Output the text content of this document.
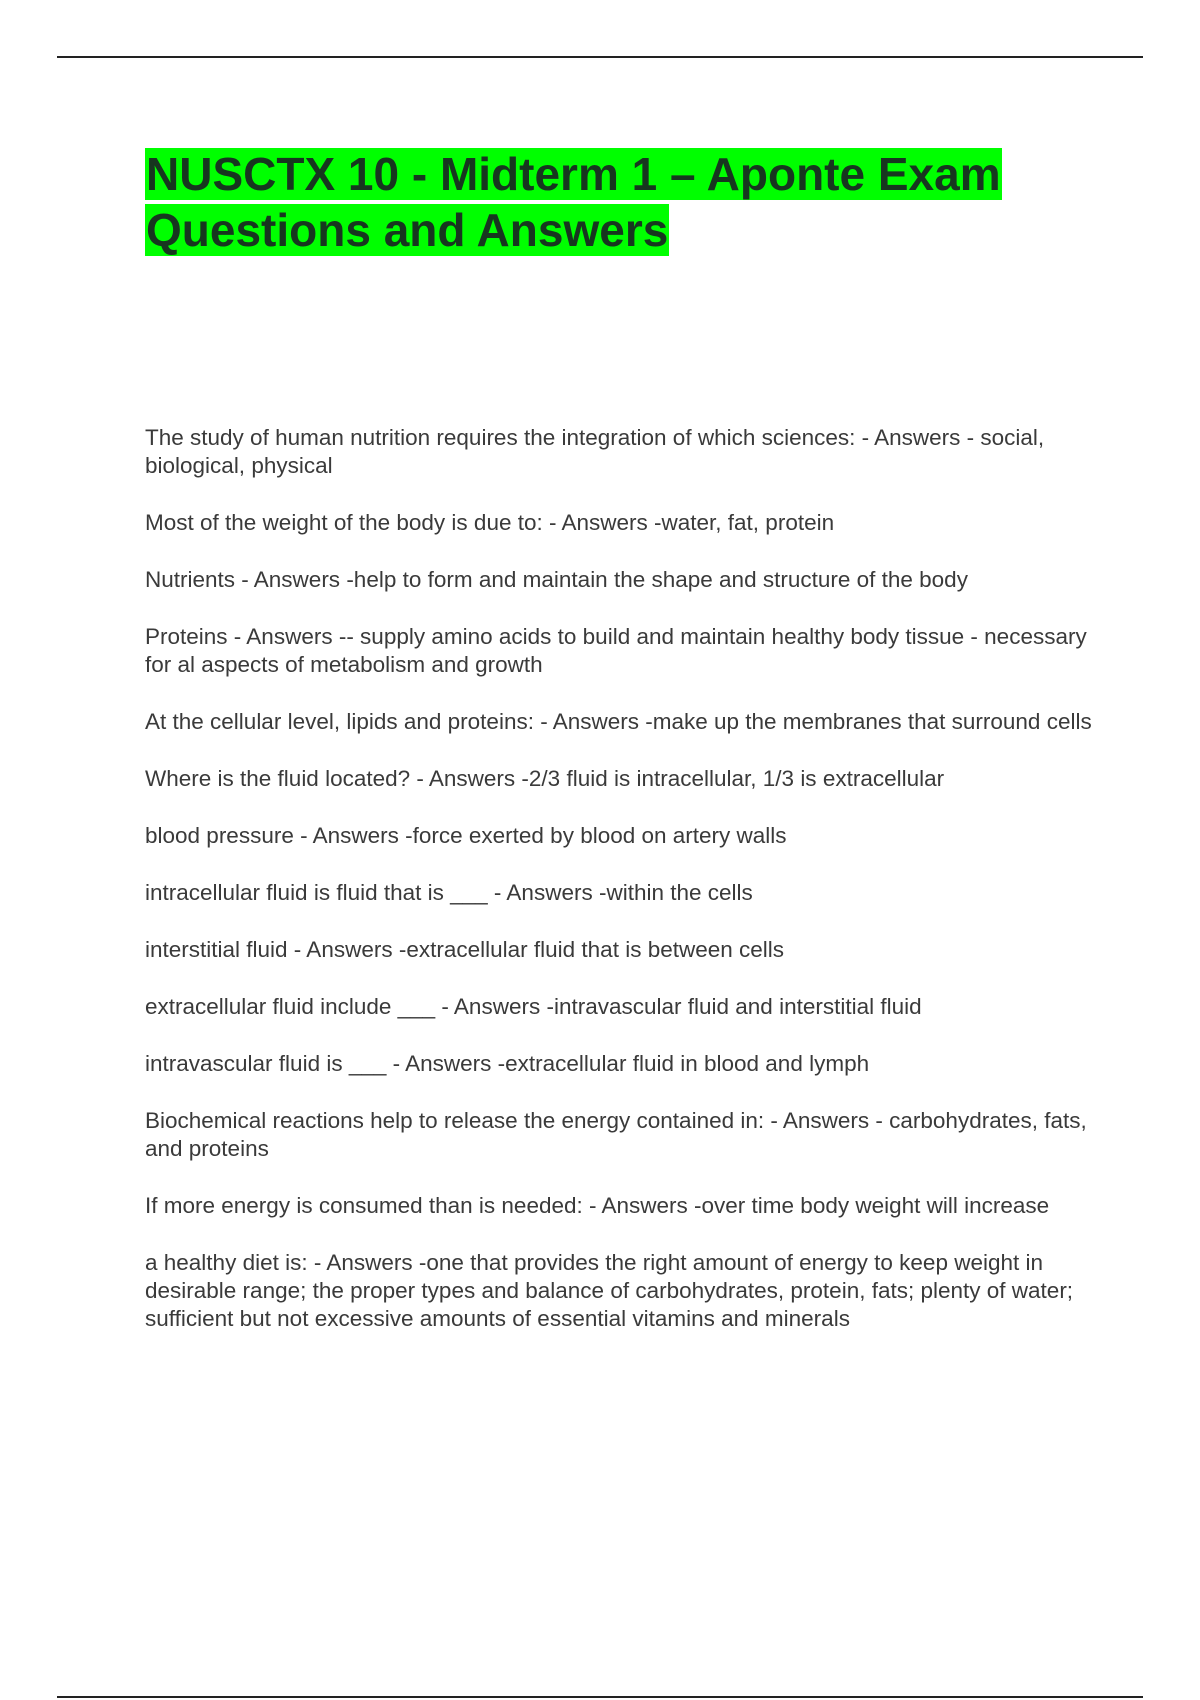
NUSCTX 10 - Midterm 1 – Aponte Exam
Questions and Answers
The study of human nutrition requires the integration of which sciences: - Answers - social, biological, physical
Most of the weight of the body is due to: - Answers -water, fat, protein
Nutrients - Answers -help to form and maintain the shape and structure of the body
Proteins - Answers -- supply amino acids to build and maintain healthy body tissue - necessary for al aspects of metabolism and growth
At the cellular level, lipids and proteins: - Answers -make up the membranes that surround cells
Where is the fluid located? - Answers -2/3 fluid is intracellular, 1/3 is extracellular
blood pressure - Answers -force exerted by blood on artery walls
intracellular fluid is fluid that is ___ - Answers -within the cells
interstitial fluid - Answers -extracellular fluid that is between cells
extracellular fluid include ___ - Answers -intravascular fluid and interstitial fluid
intravascular fluid is ___ - Answers -extracellular fluid in blood and lymph
Biochemical reactions help to release the energy contained in: - Answers - carbohydrates, fats, and proteins
If more energy is consumed than is needed: - Answers -over time body weight will increase
a healthy diet is: - Answers -one that provides the right amount of energy to keep weight in desirable range; the proper types and balance of carbohydrates, protein, fats; plenty of water; sufficient but not excessive amounts of essential vitamins and minerals
